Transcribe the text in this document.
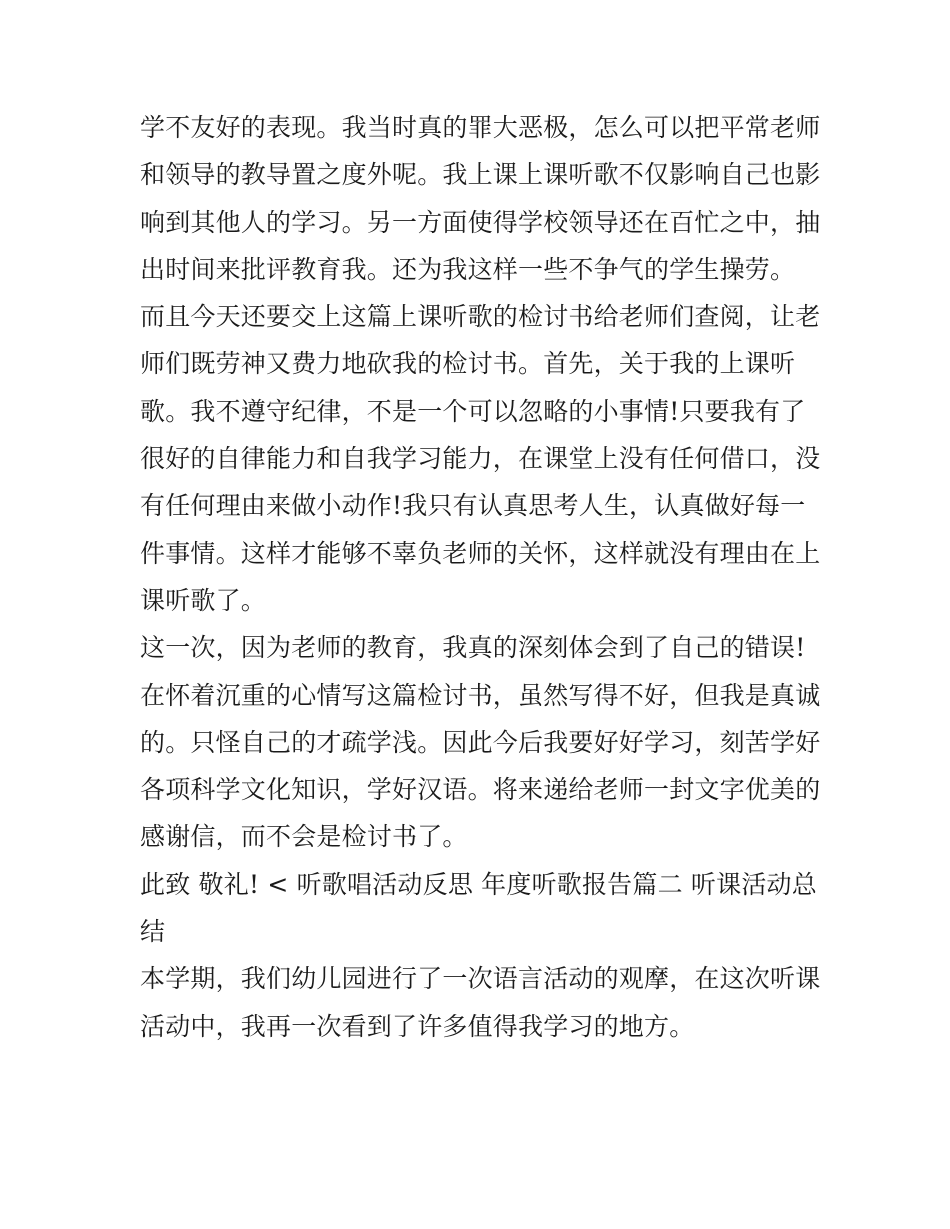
学不友好的表现。我当时真的罪大恶极，怎么可以把平常老师
和领导的教导置之度外呢。我上课上课听歌不仅影响自己也影
响到其他人的学习。另一方面使得学校领导还在百忙之中，抽
出时间来批评教育我。还为我这样一些不争气的学生操劳。
而且今天还要交上这篇上课听歌的检讨书给老师们查阅，让老
师们既劳神又费力地砍我的检讨书。首先，关于我的上课听
歌。我不遵守纪律，不是一个可以忽略的小事情!只要我有了
很好的自律能力和自我学习能力，在课堂上没有任何借口，没
有任何理由来做小动作!我只有认真思考人生，认真做好每一
件事情。这样才能够不辜负老师的关怀，这样就没有理由在上
课听歌了。
这一次，因为老师的教育，我真的深刻体会到了自己的错误!
在怀着沉重的心情写这篇检讨书，虽然写得不好，但我是真诚
的。只怪自己的才疏学浅。因此今后我要好好学习，刻苦学好
各项科学文化知识，学好汉语。将来递给老师一封文字优美的
感谢信，而不会是检讨书了。
此致 敬礼! < 听歌唱活动反思 年度听歌报告篇二 听课活动总
结
本学期，我们幼儿园进行了一次语言活动的观摩，在这次听课
活动中，我再一次看到了许多值得我学习的地方。
